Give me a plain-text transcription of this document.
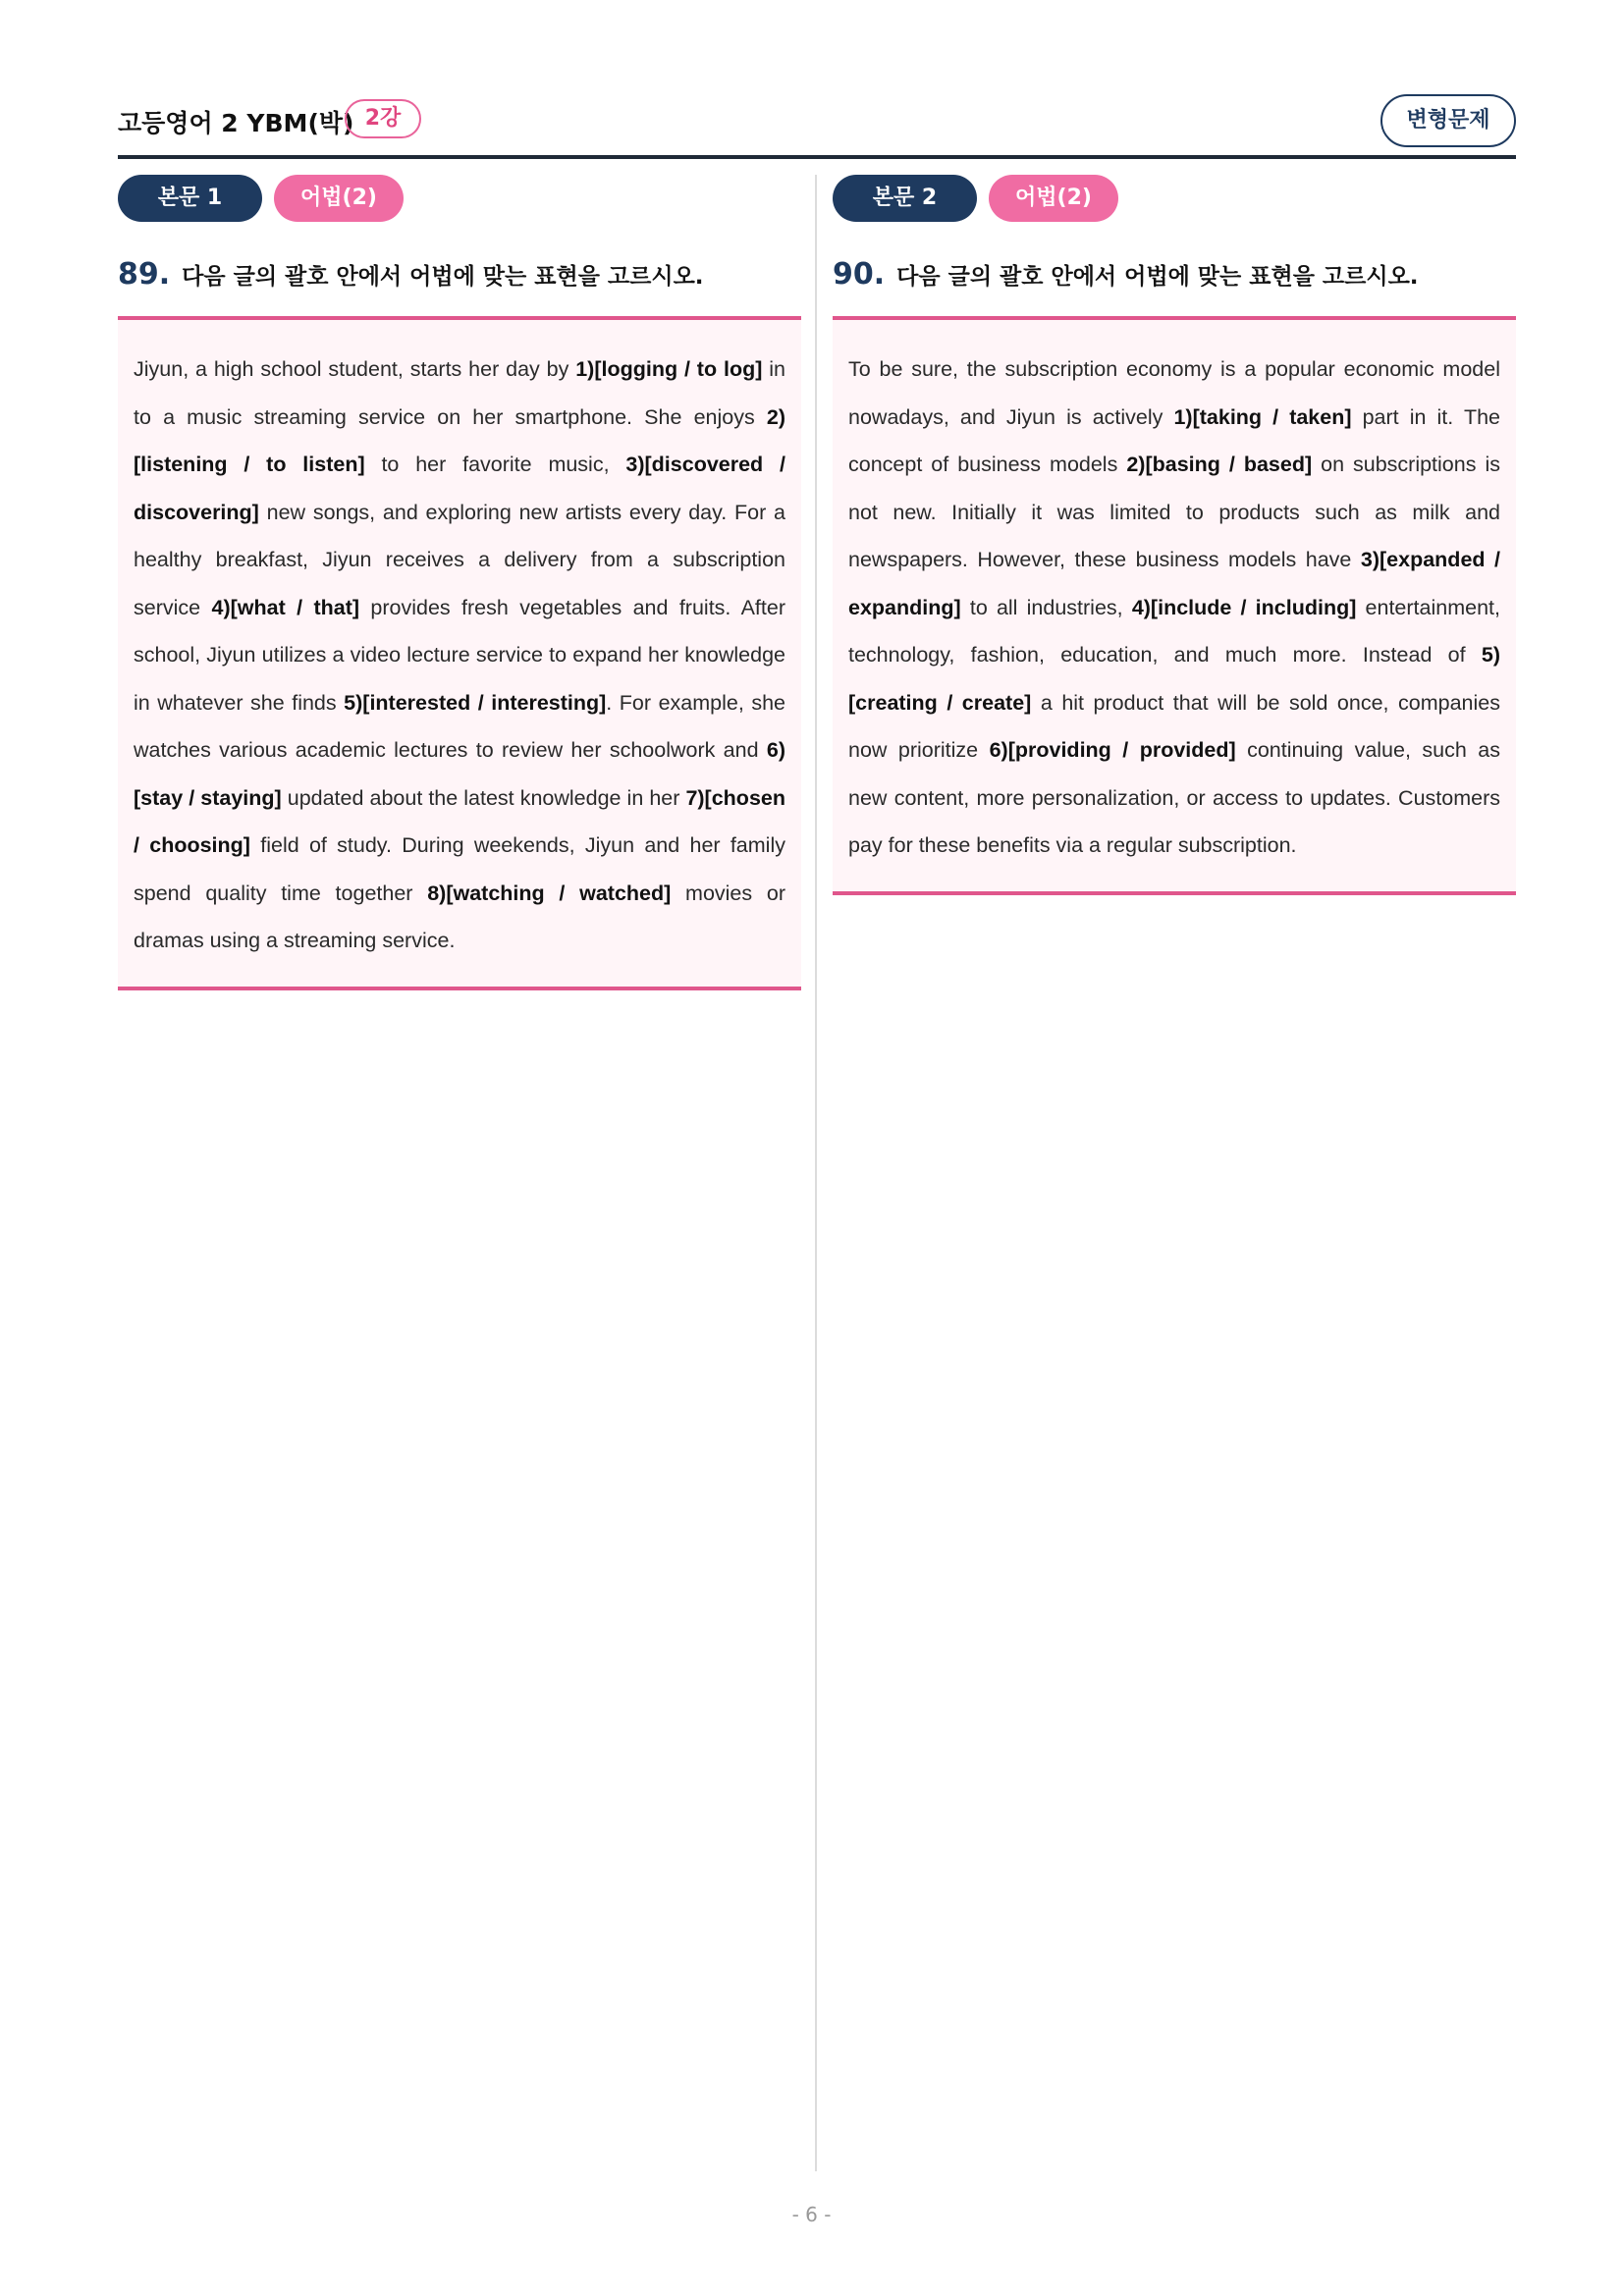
고등영어 2 YBM(박) 2강	변형문제
본문 1	어법(2)
89. 다음 글의 괄호 안에서 어법에 맞는 표현을 고르시오.

Jiyun, a high school student, starts her day by 1)[logging / to log] in to a music streaming service on her smartphone. She enjoys 2)[listening / to listen] to her favorite music, 3)[discovered / discovering] new songs, and exploring new artists every day. For a healthy breakfast, Jiyun receives a delivery from a subscription service 4)[what / that] provides fresh vegetables and fruits. After school, Jiyun utilizes a video lecture service to expand her knowledge in whatever she finds 5)[interested / interesting]. For example, she watches various academic lectures to review her schoolwork and 6)[stay / staying] updated about the latest knowledge in her 7)[chosen / choosing] field of study. During weekends, Jiyun and her family spend quality time together 8)[watching / watched] movies or dramas using a streaming service.

본문 2	어법(2)
90. 다음 글의 괄호 안에서 어법에 맞는 표현을 고르시오.

To be sure, the subscription economy is a popular economic model nowadays, and Jiyun is actively 1)[taking / taken] part in it. The concept of business models 2)[basing / based] on subscriptions is not new. Initially it was limited to products such as milk and newspapers. However, these business models have 3)[expanded / expanding] to all industries, 4)[include / including] entertainment, technology, fashion, education, and much more. Instead of 5)[creating / create] a hit product that will be sold once, companies now prioritize 6)[providing / provided] continuing value, such as new content, more personalization, or access to updates. Customers pay for these benefits via a regular subscription.

- 6 -
